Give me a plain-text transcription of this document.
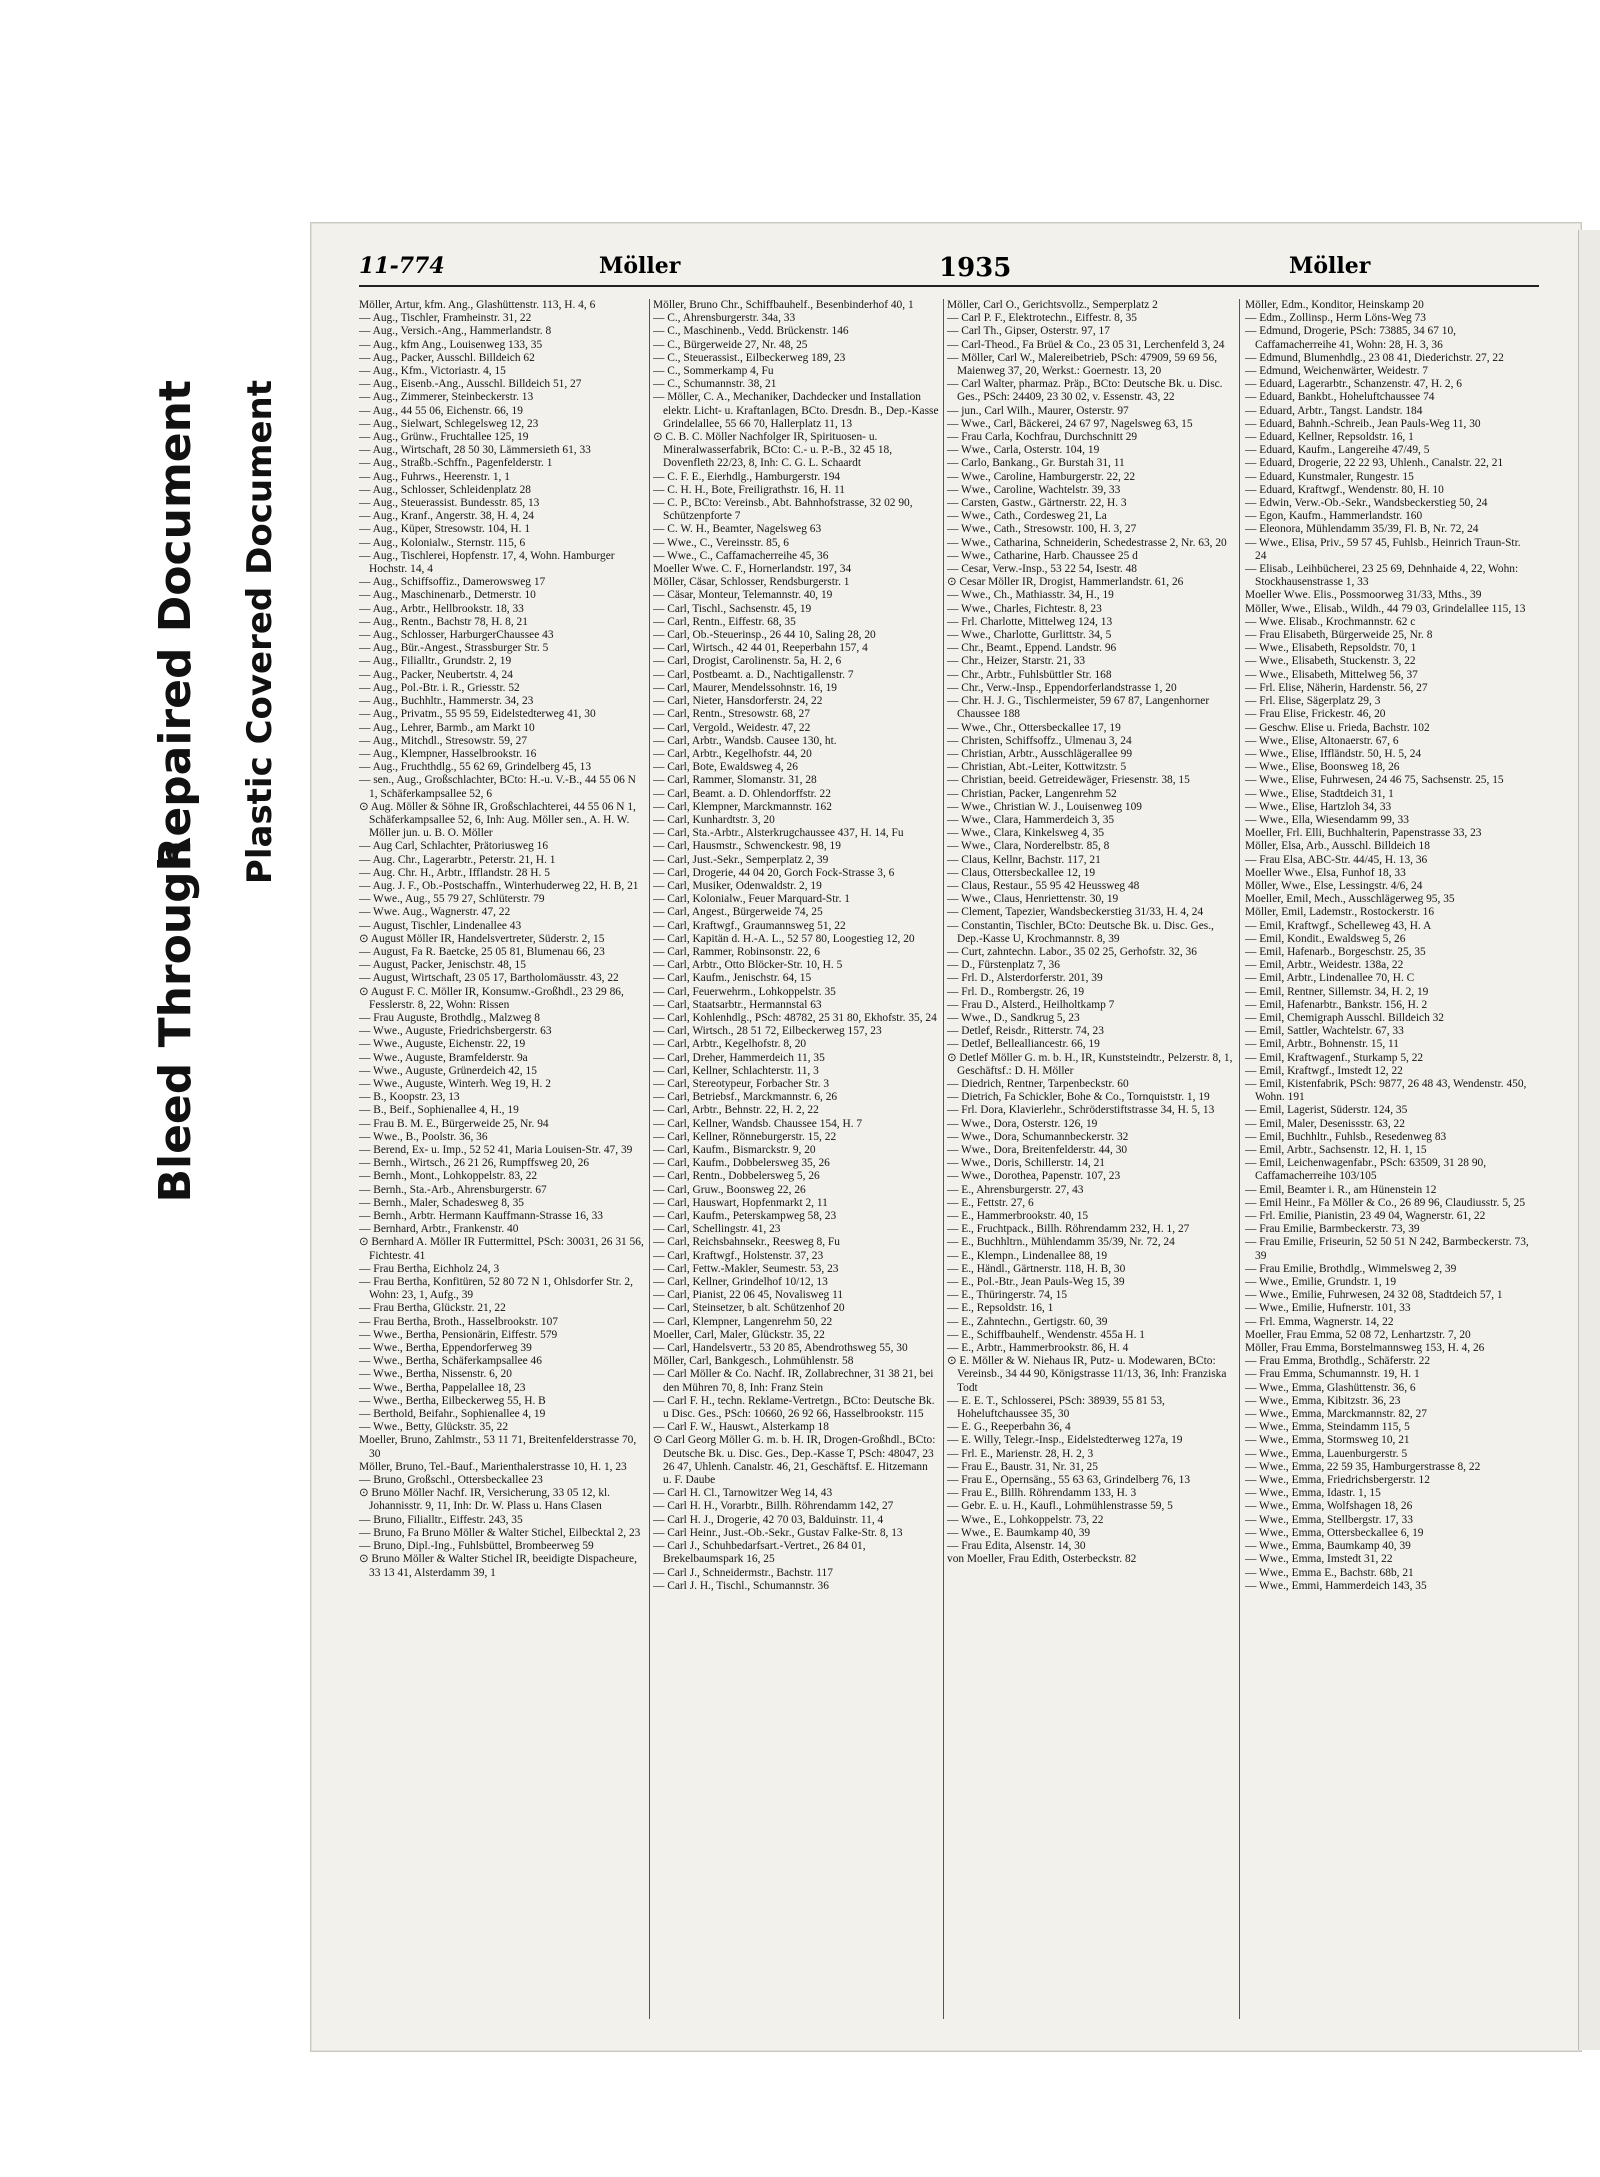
Bleed Through
Repaired Document Plastic Covered Document
11-774	Möller	1935	Möller

Möller, Artur, kfm. Ang., Glashüttenstr. 113, H. 4, 6

— Aug., Tischler, Framheinstr. 31, 22

— Aug., Versich.-Ang., Hammerlandstr. 8

— Aug., kfm Ang., Louisenweg 133, 35

— Aug., Packer, Ausschl. Billdeich 62

— Aug., Kfm., Victoriastr. 4, 15

— Aug., Eisenb.-Ang., Ausschl. Billdeich 51, 27

— Aug., Zimmerer, Steinbeckerstr. 13

— Aug., 44 55 06, Eichenstr. 66, 19

— Aug., Sielwart, Schlegelsweg 12, 23

— Aug., Grünw., Fruchtallee 125, 19

— Aug., Wirtschaft, 28 50 30, Lämmersieth 61, 33

— Aug., Straßb.-Schffn., Pagenfelderstr. 1

— Aug., Fuhrws., Heerenstr. 1, 1

— Aug., Schlosser, Schleidenplatz 28

— Aug., Steuerassist. Bundesstr. 85, 13

— Aug., Kranf., Angerstr. 38, H. 4, 24

— Aug., Küper, Stresowstr. 104, H. 1

— Aug., Kolonialw., Sternstr. 115, 6

— Aug., Tischlerei, Hopfenstr. 17, 4, Wohn. Hamburger Hochstr. 14, 4

— Aug., Schiffsoffiz., Damerowsweg 17

— Aug., Maschinenarb., Detmerstr. 10

— Aug., Arbtr., Hellbrookstr. 18, 33

— Aug., Rentn., Bachstr 78, H. 8, 21

— Aug., Schlosser, HarburgerChaussee 43

— Aug., Bür.-Angest., Strassburger Str. 5

— Aug., Filialltr., Grundstr. 2, 19

— Aug., Packer, Neubertstr. 4, 24

— Aug., Pol.-Btr. i. R., Griesstr. 52

— Aug., Buchhltr., Hammerstr. 34, 23

— Aug., Privatm., 55 95 59, Eidelstedterweg 41, 30

— Aug., Lehrer, Barmb., am Markt 10

— Aug., Mitchdl., Stresowstr. 59, 27

— Aug., Klempner, Hasselbrookstr. 16

— Aug., Fruchthdlg., 55 62 69, Grindelberg 45, 13

— sen., Aug., Großschlachter, BCto: H.-u. V.-B., 44 55 06 N 1, Schäferkampsallee 52, 6

⊙ Aug. Möller & Söhne IR, Großschlachterei, 44 55 06 N 1, Schäferkampsallee 52, 6, Inh: Aug. Möller sen., A. H. W. Möller jun. u. B. O. Möller

— Aug Carl, Schlachter, Prätoriusweg 16

— Aug. Chr., Lagerarbtr., Peterstr. 21, H. 1

— Aug. Chr. H., Arbtr., Ifflandstr. 28 H. 5

— Aug. J. F., Ob.-Postschaffn., Winterhuderweg 22, H. B, 21

— Wwe., Aug., 55 79 27, Schlüterstr. 79

— Wwe. Aug., Wagnerstr. 47, 22

— August, Tischler, Lindenallee 43

⊙ August Möller IR, Handelsvertreter, Süderstr. 2, 15

— August, Fa R. Baetcke, 25 05 81, Blumenau 66, 23

— August, Packer, Jenischstr. 48, 15

— August, Wirtschaft, 23 05 17, Bartholomäusstr. 43, 22

⊙ August F. C. Möller IR, Konsumw.-Großhdl., 23 29 86, Fesslerstr. 8, 22, Wohn: Rissen

— Frau Auguste, Brothdlg., Malzweg 8

— Wwe., Auguste, Friedrichsbergerstr. 63

— Wwe., Auguste, Eichenstr. 22, 19

— Wwe., Auguste, Bramfelderstr. 9a

— Wwe., Auguste, Grünerdeich 42, 15

— Wwe., Auguste, Winterh. Weg 19, H. 2

— B., Koopstr. 23, 13

— B., Beif., Sophienallee 4, H., 19

— Frau B. M. E., Bürgerweide 25, Nr. 94

— Wwe., B., Poolstr. 36, 36

— Berend, Ex- u. Imp., 52 52 41, Maria Louisen-Str. 47, 39

— Bernh., Wirtsch., 26 21 26, Rumpffsweg 20, 26

— Bernh., Mont., Lohkoppelstr. 83, 22

— Bernh., Sta.-Arb., Ahrensburgerstr. 67

— Bernh., Maler, Schadesweg 8, 35

— Bernh., Arbtr. Hermann Kauffmann-Strasse 16, 33

— Bernhard, Arbtr., Frankenstr. 40

⊙ Bernhard A. Möller IR Futtermittel, PSch: 30031, 26 31 56, Fichtestr. 41

— Frau Bertha, Eichholz 24, 3

— Frau Bertha, Konfitüren, 52 80 72 N 1, Ohlsdorfer Str. 2, Wohn: 23, 1, Aufg., 39

— Frau Bertha, Glückstr. 21, 22

— Frau Bertha, Broth., Hasselbrookstr. 107

— Wwe., Bertha, Pensionärin, Eiffestr. 579

— Wwe., Bertha, Eppendorferweg 39

— Wwe., Bertha, Schäferkampsallee 46

— Wwe., Bertha, Nissenstr. 6, 20

— Wwe., Bertha, Pappelallee 18, 23

— Wwe., Bertha, Eilbeckerweg 55, H. B

— Berthold, Beifahr., Sophienallee 4, 19

— Wwe., Betty, Glückstr. 35, 22

Moeller, Bruno, Zahlmstr., 53 11 71, Breitenfelderstrasse 70, 30

Möller, Bruno, Tel.-Bauf., Marienthalerstrasse 10, H. 1, 23

— Bruno, Großschl., Ottersbeckallee 23

⊙ Bruno Möller Nachf. IR, Versicherung, 33 05 12, kl. Johannisstr. 9, 11, Inh: Dr. W. Plass u. Hans Clasen

— Bruno, Filialltr., Eiffestr. 243, 35

— Bruno, Fa Bruno Möller & Walter Stichel, Eilbecktal 2, 23

— Bruno, Dipl.-Ing., Fuhlsbüttel, Brombeerweg 59

⊙ Bruno Möller & Walter Stichel IR, beeidigte Dispacheure, 33 13 41, Alsterdamm 39, 1

Möller, Bruno Chr., Schiffbauhelf., Besenbinderhof 40, 1

— C., Ahrensburgerstr. 34a, 33

— C., Maschinenb., Vedd. Brückenstr. 146

— C., Bürgerweide 27, Nr. 48, 25

— C., Steuerassist., Eilbeckerweg 189, 23

— C., Sommerkamp 4, Fu

— C., Schumannstr. 38, 21

— Möller, C. A., Mechaniker, Dachdecker und Installation elektr. Licht- u. Kraftanlagen, BCto. Dresdn. B., Dep.-Kasse Grindelallee, 55 66 70, Hallerplatz 11, 13

⊙ C. B. C. Möller Nachfolger IR, Spirituosen- u. Mineralwasserfabrik, BCto: C.- u. P.-B., 32 45 18, Dovenfleth 22/23, 8, Inh: C. G. L. Schaardt

— C. F. E., Eierhdlg., Hamburgerstr. 194

— C. H. H., Bote, Freiligrathstr. 16, H. 11

— C. P., BCto: Vereinsb., Abt. Bahnhofstrasse, 32 02 90, Schützenpforte 7

— C. W. H., Beamter, Nagelsweg 63

— Wwe., C., Vereinsstr. 85, 6

— Wwe., C., Caffamacherreihe 45, 36

Moeller Wwe. C. F., Hornerlandstr. 197, 34

Möller, Cäsar, Schlosser, Rendsburgerstr. 1

— Cäsar, Monteur, Telemannstr. 40, 19

— Carl, Tischl., Sachsenstr. 45, 19

— Carl, Rentn., Eiffestr. 68, 35

— Carl, Ob.-Steuerinsp., 26 44 10, Saling 28, 20

— Carl, Wirtsch., 42 44 01, Reeperbahn 157, 4

— Carl, Drogist, Carolinenstr. 5a, H. 2, 6

— Carl, Postbeamt. a. D., Nachtigallenstr. 7

— Carl, Maurer, Mendelssohnstr. 16, 19

— Carl, Nieter, Hansdorferstr. 24, 22

— Carl, Rentn., Stresowstr. 68, 27

— Carl, Vergold., Weidestr. 47, 22

— Carl, Arbtr., Wandsb. Causee 130, ht.

— Carl, Arbtr., Kegelhofstr. 44, 20

— Carl, Bote, Ewaldsweg 4, 26

— Carl, Rammer, Slomanstr. 31, 28

— Carl, Beamt. a. D. Ohlendorffstr. 22

— Carl, Klempner, Marckmannstr. 162

— Carl, Kunhardtstr. 3, 20

— Carl, Sta.-Arbtr., Alsterkrugchaussee 437, H. 14, Fu

— Carl, Hausmstr., Schwenckestr. 98, 19

— Carl, Just.-Sekr., Semperplatz 2, 39

— Carl, Drogerie, 44 04 20, Gorch Fock-Strasse 3, 6

— Carl, Musiker, Odenwaldstr. 2, 19

— Carl, Kolonialw., Feuer Marquard-Str. 1

— Carl, Angest., Bürgerweide 74, 25

— Carl, Kraftwgf., Graumannsweg 51, 22

— Carl, Kapitän d. H.-A. L., 52 57 80, Loogestieg 12, 20

— Carl, Rammer, Robinsonstr. 22, 6

— Carl, Arbtr., Otto Blöcker-Str. 10, H. 5

— Carl, Kaufm., Jenischstr. 64, 15

— Carl, Feuerwehrm., Lohkoppelstr. 35

— Carl, Staatsarbtr., Hermannstal 63

— Carl, Kohlenhdlg., PSch: 48782, 25 31 80, Ekhofstr. 35, 24

— Carl, Wirtsch., 28 51 72, Eilbeckerweg 157, 23

— Carl, Arbtr., Kegelhofstr. 8, 20

— Carl, Dreher, Hammerdeich 11, 35

— Carl, Kellner, Schlachterstr. 11, 3

— Carl, Stereotypeur, Forbacher Str. 3

— Carl, Betriebsf., Marckmannstr. 6, 26

— Carl, Arbtr., Behnstr. 22, H. 2, 22

— Carl, Kellner, Wandsb. Chaussee 154, H. 7

— Carl, Kellner, Rönneburgerstr. 15, 22

— Carl, Kaufm., Bismarckstr. 9, 20

— Carl, Kaufm., Dobbelersweg 35, 26

— Carl, Rentn., Dobbelersweg 5, 26

— Carl, Gruw., Boonsweg 22, 26

— Carl, Hauswart, Hopfenmarkt 2, 11

— Carl, Kaufm., Peterskampweg 58, 23

— Carl, Schellingstr. 41, 23

— Carl, Reichsbahnsekr., Reesweg 8, Fu

— Carl, Kraftwgf., Holstenstr. 37, 23

— Carl, Fettw.-Makler, Seumestr. 53, 23

— Carl, Kellner, Grindelhof 10/12, 13

— Carl, Pianist, 22 06 45, Novalisweg 11

— Carl, Steinsetzer, b alt. Schützenhof 20

— Carl, Klempner, Langenrehm 50, 22

Moeller, Carl, Maler, Glückstr. 35, 22

— Carl, Handelsvertr., 53 20 85, Abendrothsweg 55, 30

Möller, Carl, Bankgesch., Lohmühlenstr. 58

— Carl Möller & Co. Nachf. IR, Zollabrechner, 31 38 21, bei den Mühren 70, 8, Inh: Franz Stein

— Carl F. H., techn. Reklame-Vertretgn., BCto: Deutsche Bk. u Disc. Ges., PSch: 10660, 26 92 66, Hasselbrookstr. 115

— Carl F. W., Hauswt., Alsterkamp 18

⊙ Carl Georg Möller G. m. b. H. IR, Drogen-Großhdl., BCto: Deutsche Bk. u. Disc. Ges., Dep.-Kasse T, PSch: 48047, 23 26 47, Uhlenh. Canalstr. 46, 21, Geschäftsf. E. Hitzemann u. F. Daube

— Carl H. Cl., Tarnowitzer Weg 14, 43

— Carl H. H., Vorarbtr., Billh. Röhrendamm 142, 27

— Carl H. J., Drogerie, 42 70 03, Balduinstr. 11, 4

— Carl Heinr., Just.-Ob.-Sekr., Gustav Falke-Str. 8, 13

— Carl J., Schuhbedarfsart.-Vertret., 26 84 01, Brekelbaumspark 16, 25

— Carl J., Schneidermstr., Bachstr. 117

— Carl J. H., Tischl., Schumannstr. 36

Möller, Carl O., Gerichtsvollz., Semperplatz 2

— Carl P. F., Elektrotechn., Eiffestr. 8, 35

— Carl Th., Gipser, Osterstr. 97, 17

— Carl-Theod., Fa Brüel & Co., 23 05 31, Lerchenfeld 3, 24

— Möller, Carl W., Malereibetrieb, PSch: 47909, 59 69 56, Maienweg 37, 20, Werkst.: Goernestr. 13, 20

— Carl Walter, pharmaz. Präp., BCto: Deutsche Bk. u. Disc. Ges., PSch: 24409, 23 30 02, v. Essenstr. 43, 22

— jun., Carl Wilh., Maurer, Osterstr. 97

— Wwe., Carl, Bäckerei, 24 67 97, Nagelsweg 63, 15

— Frau Carla, Kochfrau, Durchschnitt 29

— Wwe., Carla, Osterstr. 104, 19

— Carlo, Bankang., Gr. Burstah 31, 11

— Wwe., Caroline, Hamburgerstr. 22, 22

— Wwe., Caroline, Wachtelstr. 39, 33

— Carsten, Gastw., Gärtnerstr. 22, H. 3

— Wwe., Cath., Cordesweg 21, La

— Wwe., Cath., Stresowstr. 100, H. 3, 27

— Wwe., Catharina, Schneiderin, Schedestrasse 2, Nr. 63, 20

— Wwe., Catharine, Harb. Chaussee 25 d

— Cesar, Verw.-Insp., 53 22 54, Isestr. 48

⊙ Cesar Möller IR, Drogist, Hammerlandstr. 61, 26

— Wwe., Ch., Mathiasstr. 34, H., 19

— Wwe., Charles, Fichtestr. 8, 23

— Frl. Charlotte, Mittelweg 124, 13

— Wwe., Charlotte, Gurlittstr. 34, 5

— Chr., Beamt., Eppend. Landstr. 96

— Chr., Heizer, Starstr. 21, 33

— Chr., Arbtr., Fuhlsbüttler Str. 168

— Chr., Verw.-Insp., Eppendorferlandstrasse 1, 20

— Chr. H. J. G., Tischlermeister, 59 67 87, Langenhorner Chaussee 188

— Wwe., Chr., Ottersbeckallee 17, 19

— Christen, Schiffsoffz., Ulmenau 3, 24

— Christian, Arbtr., Ausschlägerallee 99

— Christian, Abt.-Leiter, Kottwitzstr. 5

— Christian, beeid. Getreidewäger, Friesenstr. 38, 15

— Christian, Packer, Langenrehm 52

— Wwe., Christian W. J., Louisenweg 109

— Wwe., Clara, Hammerdeich 3, 35

— Wwe., Clara, Kinkelsweg 4, 35

— Wwe., Clara, Norderelbstr. 85, 8

— Claus, Kellnr, Bachstr. 117, 21

— Claus, Ottersbeckallee 12, 19

— Claus, Restaur., 55 95 42 Heussweg 48

— Wwe., Claus, Henriettenstr. 30, 19

— Clement, Tapezier, Wandsbeckerstieg 31/33, H. 4, 24

— Constantin, Tischler, BCto: Deutsche Bk. u. Disc. Ges., Dep.-Kasse U, Krochmannstr. 8, 39

— Curt, zahntechn. Labor., 35 02 25, Gerhofstr. 32, 36

— D., Fürstenplatz 7, 36

— Frl. D., Alsterdorferstr. 201, 39

— Frl. D., Rombergstr. 26, 19

— Frau D., Alsterd., Heilholtkamp 7

— Wwe., D., Sandkrug 5, 23

— Detlef, Reisdr., Ritterstr. 74, 23

— Detlef, Bellealliancestr. 66, 19

⊙ Detlef Möller G. m. b. H., IR, Kunststeindtr., Pelzerstr. 8, 1, Geschäftsf.: D. H. Möller

— Diedrich, Rentner, Tarpenbeckstr. 60

— Dietrich, Fa Schickler, Bohe & Co., Tornquiststr. 1, 19

— Frl. Dora, Klavierlehr., Schröderstiftstrasse 34, H. 5, 13

— Wwe., Dora, Osterstr. 126, 19

— Wwe., Dora, Schumannbeckerstr. 32

— Wwe., Dora, Breitenfelderstr. 44, 30

— Wwe., Doris, Schillerstr. 14, 21

— Wwe., Dorothea, Papenstr. 107, 23

— E., Ahrensburgerstr. 27, 43

— E., Fettstr. 27, 6

— E., Hammerbrookstr. 40, 15

— E., Fruchtpack., Billh. Röhrendamm 232, H. 1, 27

— E., Buchhltrn., Mühlendamm 35/39, Nr. 72, 24

— E., Klempn., Lindenallee 88, 19

— E., Händl., Gärtnerstr. 118, H. B, 30

— E., Pol.-Btr., Jean Pauls-Weg 15, 39

— E., Thüringerstr. 74, 15

— E., Repsoldstr. 16, 1

— E., Zahntechn., Gertigstr. 60, 39

— E., Schiffbauhelf., Wendenstr. 455a H. 1

— E., Arbtr., Hammerbrookstr. 86, H. 4

⊙ E. Möller & W. Niehaus IR, Putz- u. Modewaren, BCto: Vereinsb., 34 44 90, Königstrasse 11/13, 36, Inh: Franziska Todt

— E. E. T., Schlosserei, PSch: 38939, 55 81 53, Hoheluftchaussee 35, 30

— E. G., Reeperbahn 36, 4

— E. Willy, Telegr.-Insp., Eidelstedterweg 127a, 19

— Frl. E., Marienstr. 28, H. 2, 3

— Frau E., Baustr. 31, Nr. 31, 25

— Frau E., Opernsäng., 55 63 63, Grindelberg 76, 13

— Frau E., Billh. Röhrendamm 133, H. 3

— Gebr. E. u. H., Kaufl., Lohmühlenstrasse 59, 5

— Wwe., E., Lohkoppelstr. 73, 22

— Wwe., E. Baumkamp 40, 39

— Frau Edita, Alsenstr. 14, 30

von Moeller, Frau Edith, Osterbeckstr. 82

Möller, Edm., Konditor, Heinskamp 20

— Edm., Zollinsp., Herm Löns-Weg 73

— Edmund, Drogerie, PSch: 73885, 34 67 10, Caffamacherreihe 41, Wohn: 28, H. 3, 36

— Edmund, Blumenhdlg., 23 08 41, Diederichstr. 27, 22

— Edmund, Weichenwärter, Weidestr. 7

— Eduard, Lagerarbtr., Schanzenstr. 47, H. 2, 6

— Eduard, Bankbt., Hoheluftchaussee 74

— Eduard, Arbtr., Tangst. Landstr. 184

— Eduard, Bahnh.-Schreib., Jean Pauls-Weg 11, 30

— Eduard, Kellner, Repsoldstr. 16, 1

— Eduard, Kaufm., Langereihe 47/49, 5

— Eduard, Drogerie, 22 22 93, Uhlenh., Canalstr. 22, 21

— Eduard, Kunstmaler, Rungestr. 15

— Eduard, Kraftwgf., Wendenstr. 80, H. 10

— Edwin, Verw.-Ob.-Sekr., Wandsbeckerstieg 50, 24

— Egon, Kaufm., Hammerlandstr. 160

— Eleonora, Mühlendamm 35/39, Fl. B, Nr. 72, 24

— Wwe., Elisa, Priv., 59 57 45, Fuhlsb., Heinrich Traun-Str. 24

— Elisab., Leihbücherei, 23 25 69, Dehnhaide 4, 22, Wohn: Stockhausenstrasse 1, 33

Moeller Wwe. Elis., Possmoorweg 31/33, Mths., 39

Möller, Wwe., Elisab., Wildh., 44 79 03, Grindelallee 115, 13

— Wwe. Elisab., Krochmannstr. 62 c

— Frau Elisabeth, Bürgerweide 25, Nr. 8

— Wwe., Elisabeth, Repsoldstr. 70, 1

— Wwe., Elisabeth, Stuckenstr. 3, 22

— Wwe., Elisabeth, Mittelweg 56, 37

— Frl. Elise, Näherin, Hardenstr. 56, 27

— Frl. Elise, Sägerplatz 29, 3

— Frau Elise, Frickestr. 46, 20

— Geschw. Elise u. Frieda, Bachstr. 102

— Wwe., Elise, Altonaerstr. 67, 6

— Wwe., Elise, Iffländstr. 50, H. 5, 24

— Wwe., Elise, Boonsweg 18, 26

— Wwe., Elise, Fuhrwesen, 24 46 75, Sachsenstr. 25, 15

— Wwe., Elise, Stadtdeich 31, 1

— Wwe., Elise, Hartzloh 34, 33

— Wwe., Ella, Wiesendamm 99, 33

Moeller, Frl. Elli, Buchhalterin, Papenstrasse 33, 23

Möller, Elsa, Arb., Ausschl. Billdeich 18

— Frau Elsa, ABC-Str. 44/45, H. 13, 36

Moeller Wwe., Elsa, Funhof 18, 33

Möller, Wwe., Else, Lessingstr. 4/6, 24

Moeller, Emil, Mech., Ausschlägerweg 95, 35

Möller, Emil, Lademstr., Rostockerstr. 16

— Emil, Kraftwgf., Schelleweg 43, H. A

— Emil, Kondit., Ewaldsweg 5, 26

— Emil, Hafenarb., Borgeschstr. 25, 35

— Emil, Arbtr., Weidestr. 138a, 22

— Emil, Arbtr., Lindenallee 70, H. C

— Emil, Rentner, Sillemstr. 34, H. 2, 19

— Emil, Hafenarbtr., Bankstr. 156, H. 2

— Emil, Chemigraph Ausschl. Billdeich 32

— Emil, Sattler, Wachtelstr. 67, 33

— Emil, Arbtr., Bohnenstr. 15, 11

— Emil, Kraftwagenf., Sturkamp 5, 22

— Emil, Kraftwgf., Imstedt 12, 22

— Emil, Kistenfabrik, PSch: 9877, 26 48 43, Wendenstr. 450, Wohn. 191

— Emil, Lagerist, Süderstr. 124, 35

— Emil, Maler, Desenissstr. 63, 22

— Emil, Buchhltr., Fuhlsb., Resedenweg 83

— Emil, Arbtr., Sachsenstr. 12, H. 1, 15

— Emil, Leichenwagenfabr., PSch: 63509, 31 28 90, Caffamacherreihe 103/105

— Emil, Beamter i. R., am Hünenstein 12

— Emil Heinr., Fa Möller & Co., 26 89 96, Claudiusstr. 5, 25

— Frl. Emilie, Pianistin, 23 49 04, Wagnerstr. 61, 22

— Frau Emilie, Barmbeckerstr. 73, 39

— Frau Emilie, Friseurin, 52 50 51 N 242, Barmbeckerstr. 73, 39

— Frau Emilie, Brothdlg., Wimmelsweg 2, 39

— Wwe., Emilie, Grundstr. 1, 19

— Wwe., Emilie, Fuhrwesen, 24 32 08, Stadtdeich 57, 1

— Wwe., Emilie, Hufnerstr. 101, 33

— Frl. Emma, Wagnerstr. 14, 22

Moeller, Frau Emma, 52 08 72, Lenhartzstr. 7, 20

Möller, Frau Emma, Borstelmannsweg 153, H. 4, 26

— Frau Emma, Brothdlg., Schäferstr. 22

— Frau Emma, Schumannstr. 19, H. 1

— Wwe., Emma, Glashüttenstr. 36, 6

— Wwe., Emma, Kibitzstr. 36, 23

— Wwe., Emma, Marckmannstr. 82, 27

— Wwe., Emma, Steindamm 115, 5

— Wwe., Emma, Stormsweg 10, 21

— Wwe., Emma, Lauenburgerstr. 5

— Wwe., Emma, 22 59 35, Hamburgerstrasse 8, 22

— Wwe., Emma, Friedrichsbergerstr. 12

— Wwe., Emma, Idastr. 1, 15

— Wwe., Emma, Wolfshagen 18, 26

— Wwe., Emma, Stellbergstr. 17, 33

— Wwe., Emma, Ottersbeckallee 6, 19

— Wwe., Emma, Baumkamp 40, 39

— Wwe., Emma, Imstedt 31, 22

— Wwe., Emma E., Bachstr. 68b, 21

— Wwe., Emmi, Hammerdeich 143, 35
